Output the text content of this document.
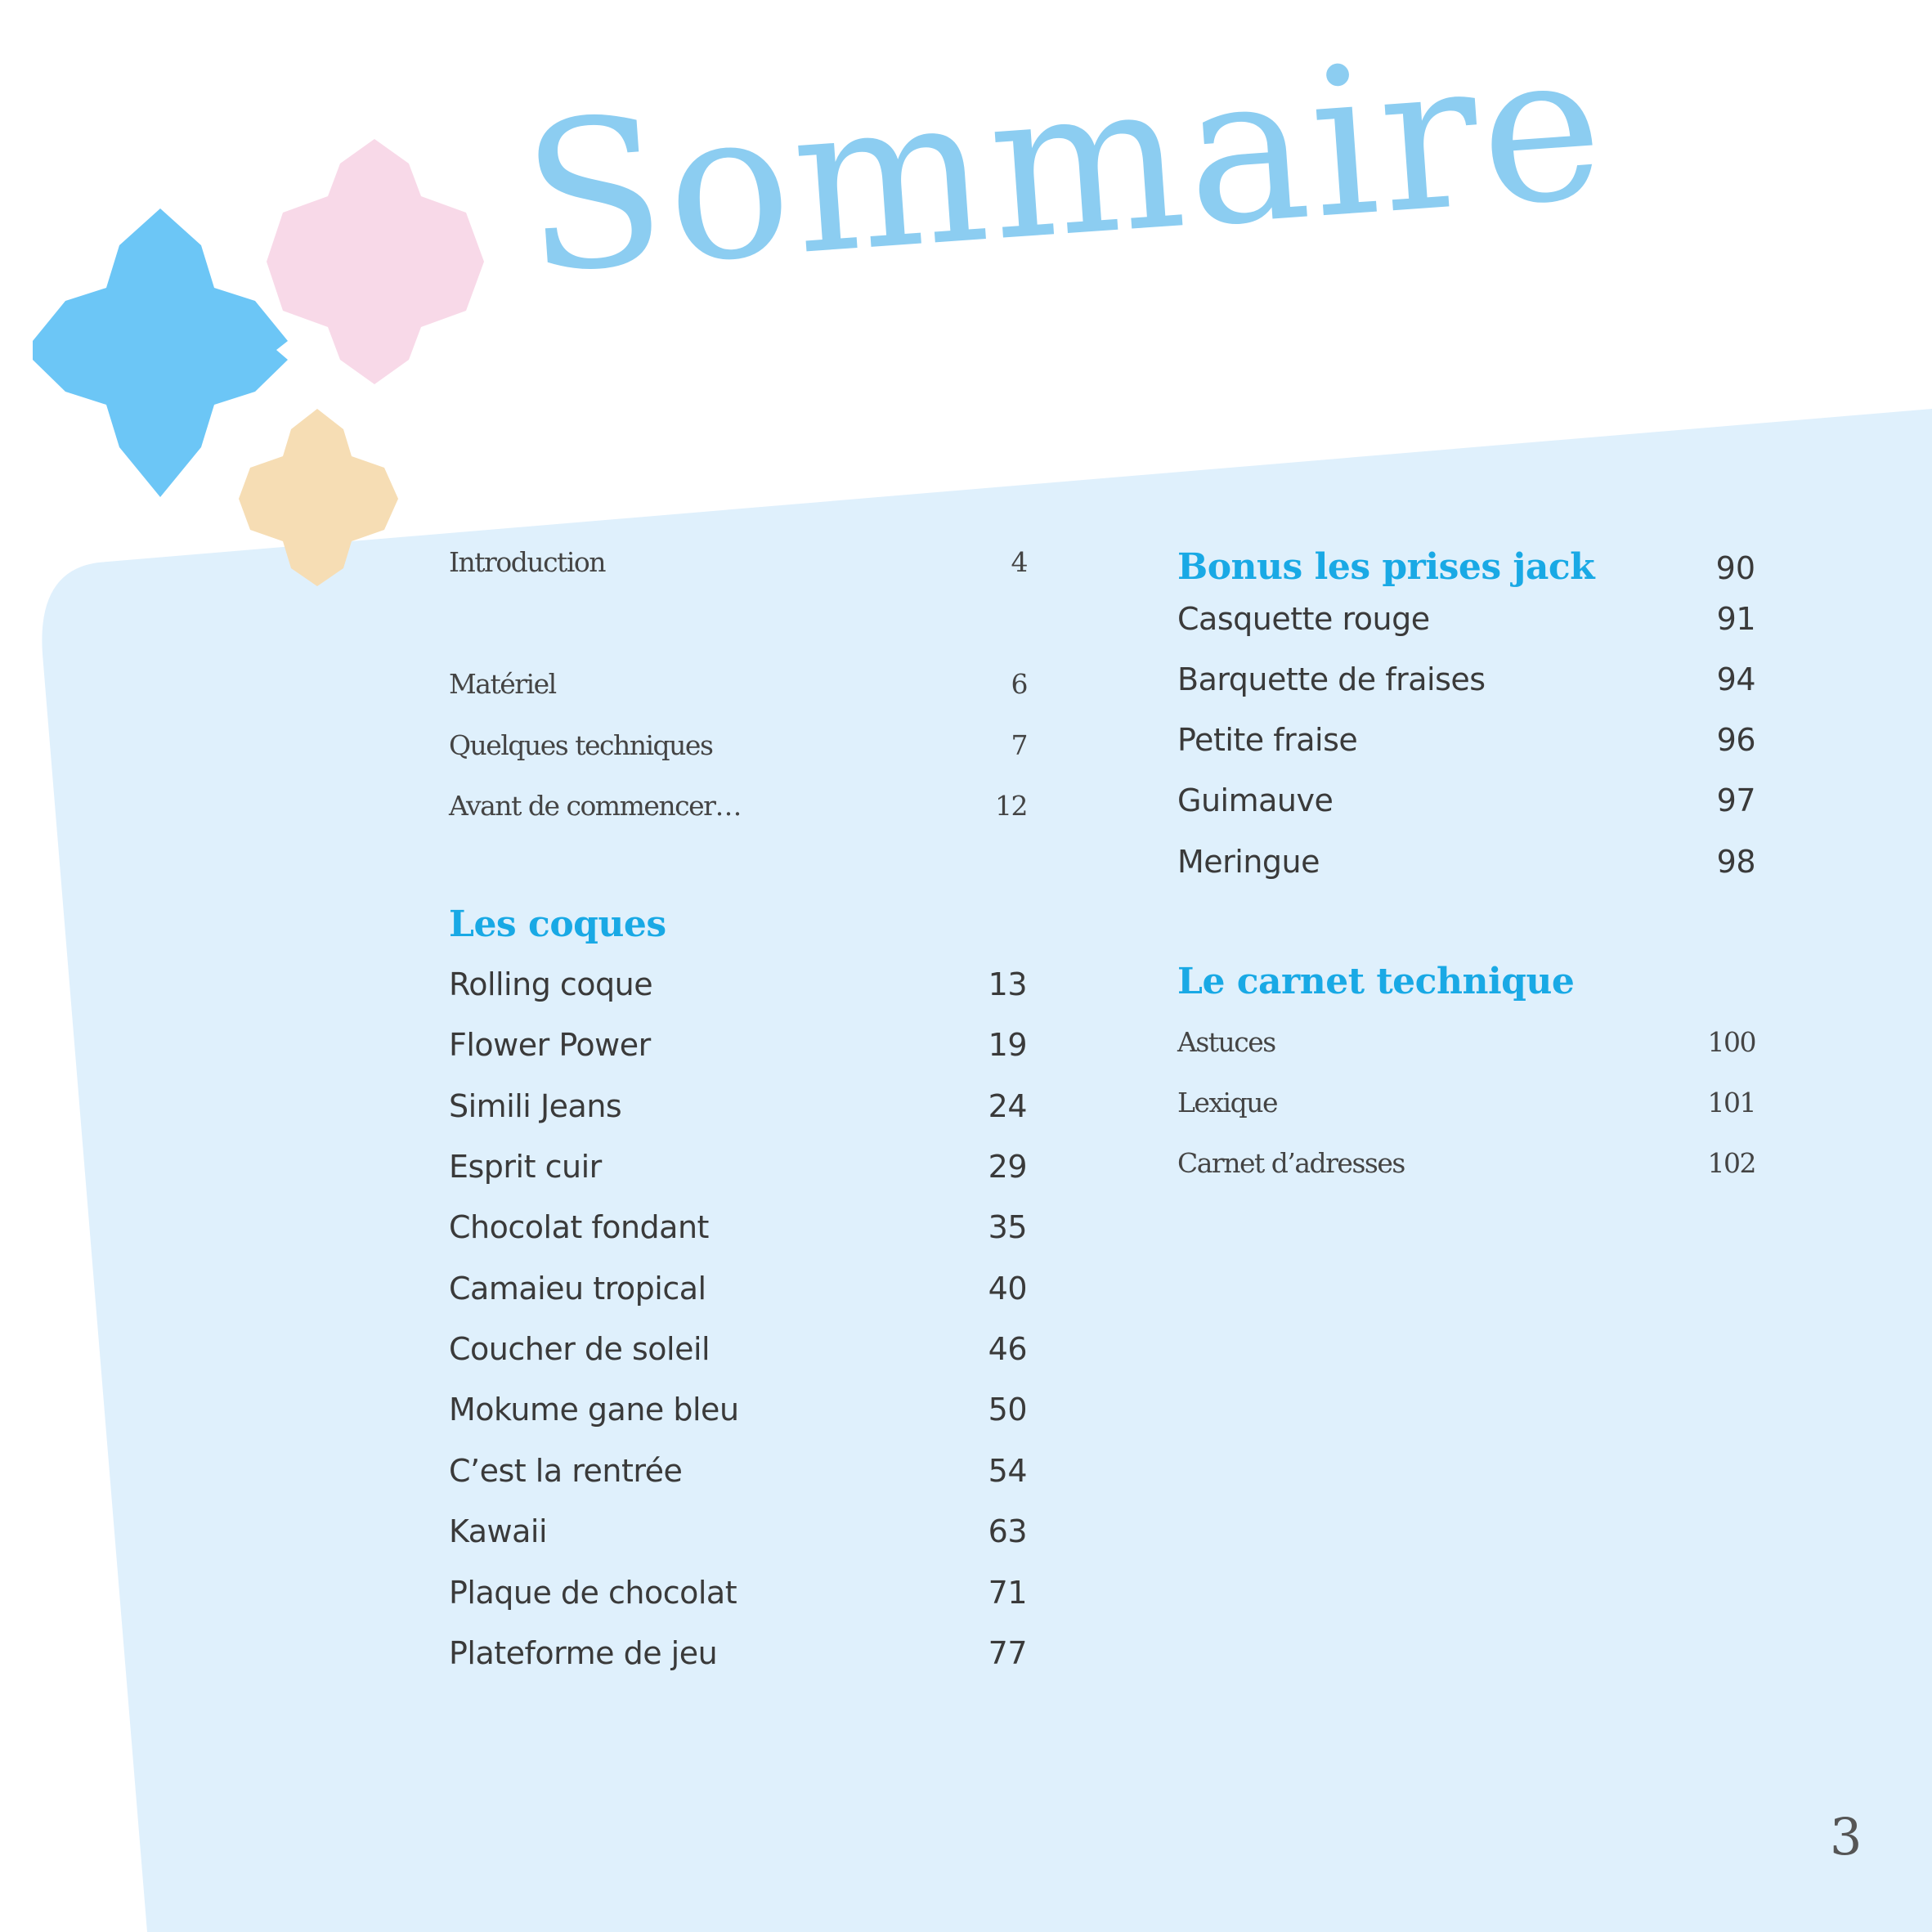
Sommaire
Introduction	4
Matériel	6
Quelques techniques	7
Avant de commencer…	12
Les coques
Rolling coque	13
Flower Power	19
Simili Jeans	24
Esprit cuir	29
Chocolat fondant	35
Camaieu tropical	40
Coucher de soleil	46
Mokume gane bleu	50
C’est la rentrée	54
Kawaii	63
Plaque de chocolat	71
Plateforme de jeu	77
Bonus les prises jack	90
Casquette rouge	91
Barquette de fraises	94
Petite fraise	96
Guimauve	97
Meringue	98
Le carnet technique
Astuces	100
Lexique	101
Carnet d’adresses	102
3
